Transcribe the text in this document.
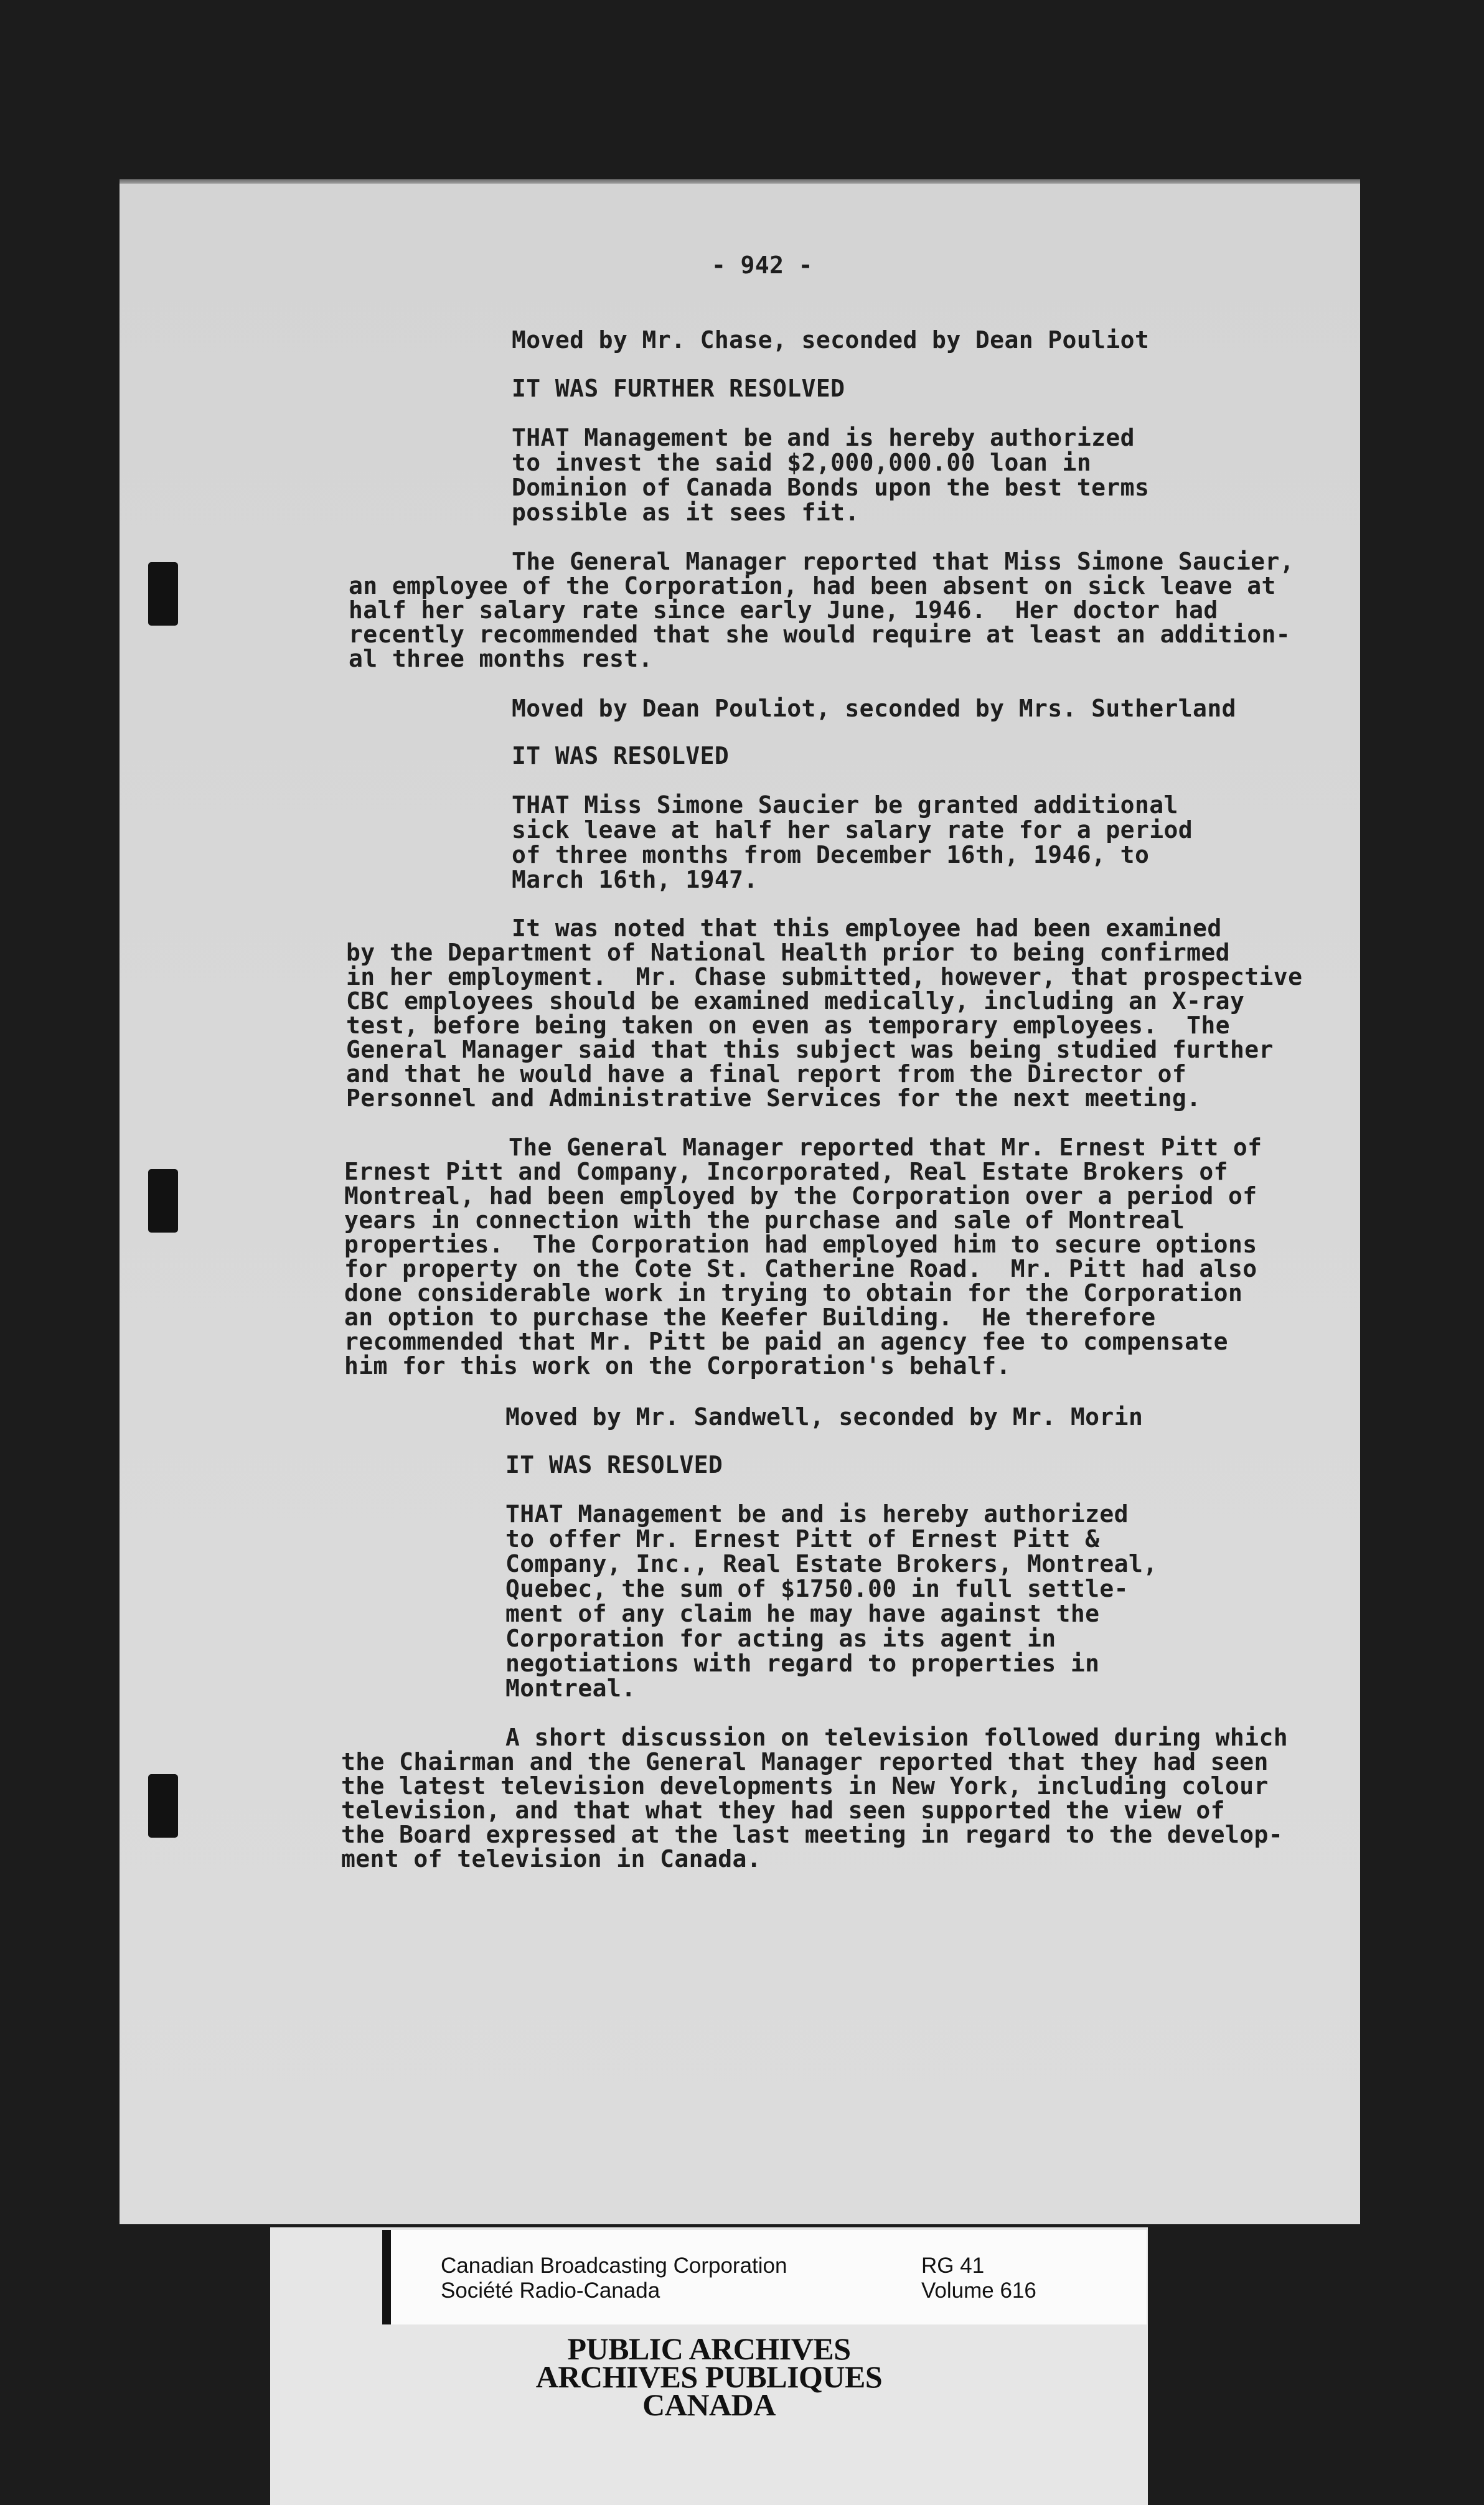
- 942 -
Moved by Mr. Chase, seconded by Dean Pouliot
IT WAS FURTHER RESOLVED
THAT Management be and is hereby authorized
to invest the said $2,000,000.00 loan in
Dominion of Canada Bonds upon the best terms
possible as it sees fit.
The General Manager reported that Miss Simone Saucier,
an employee of the Corporation, had been absent on sick leave at
half her salary rate since early June, 1946.  Her doctor had
recently recommended that she would require at least an addition-
al three months rest.
Moved by Dean Pouliot, seconded by Mrs. Sutherland
IT WAS RESOLVED
THAT Miss Simone Saucier be granted additional
sick leave at half her salary rate for a period
of three months from December 16th, 1946, to
March 16th, 1947.
It was noted that this employee had been examined
by the Department of National Health prior to being confirmed
in her employment.  Mr. Chase submitted, however, that prospective
CBC employees should be examined medically, including an X-ray
test, before being taken on even as temporary employees.  The
General Manager said that this subject was being studied further
and that he would have a final report from the Director of
Personnel and Administrative Services for the next meeting.
The General Manager reported that Mr. Ernest Pitt of
Ernest Pitt and Company, Incorporated, Real Estate Brokers of
Montreal, had been employed by the Corporation over a period of
years in connection with the purchase and sale of Montreal
properties.  The Corporation had employed him to secure options
for property on the Cote St. Catherine Road.  Mr. Pitt had also
done considerable work in trying to obtain for the Corporation
an option to purchase the Keefer Building.  He therefore
recommended that Mr. Pitt be paid an agency fee to compensate
him for this work on the Corporation's behalf.
Moved by Mr. Sandwell, seconded by Mr. Morin
IT WAS RESOLVED
THAT Management be and is hereby authorized
to offer Mr. Ernest Pitt of Ernest Pitt &
Company, Inc., Real Estate Brokers, Montreal,
Quebec, the sum of $1750.00 in full settle-
ment of any claim he may have against the
Corporation for acting as its agent in
negotiations with regard to properties in
Montreal.
A short discussion on television followed during which
the Chairman and the General Manager reported that they had seen
the latest television developments in New York, including colour
television, and that what they had seen supported the view of
the Board expressed at the last meeting in regard to the develop-
ment of television in Canada.
Canadian Broadcasting Corporation
Société Radio-Canada
RG 41
Volume 616
PUBLIC ARCHIVES
ARCHIVES PUBLIQUES
CANADA
